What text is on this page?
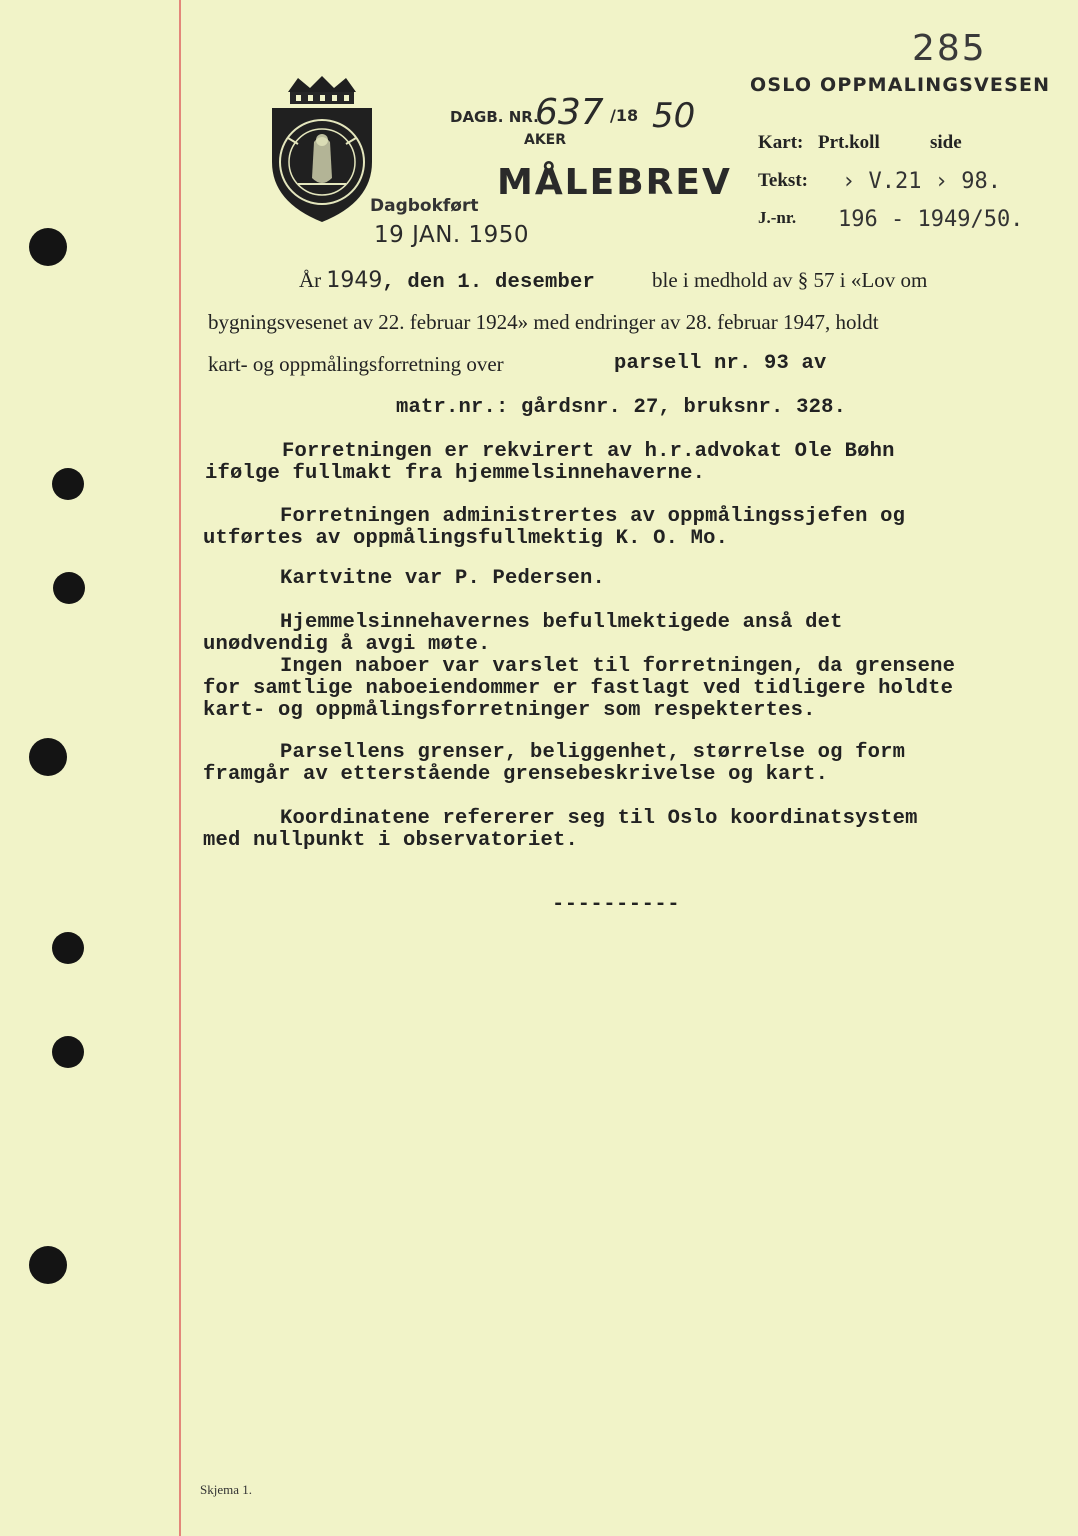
285
OSLO OPPMALINGSVESEN
DAGB. NR.
637 /18 50
AKER
MÅLEBREV
Dagbokført
19 JAN. 1950
Kart: Prt.koll	side
Tekst: › V.21 › 98.
J.-nr. 196 - 1949/50.
År 1949, den 1. desember	ble i medhold av § 57 i «Lov om
bygningsvesenet av 22. februar 1924» med endringer av 28. februar 1947, holdt
kart- og oppmålingsforretning over	parsell nr. 93 av
matr.nr.: gårdsnr. 27, bruksnr. 328.
Forretningen er rekvirert av h.r.advokat Ole Bøhn
ifølge fullmakt fra hjemmelsinnehaverne.
Forretningen administrertes av oppmålingssjefen og
utførtes av oppmålingsfullmektig K. O. Mo.
Kartvitne var P. Pedersen.
Hjemmelsinnehavernes befullmektigede anså det
unødvendig å avgi møte.
Ingen naboer var varslet til forretningen, da grensene
for samtlige naboeiendommer er fastlagt ved tidligere holdte
kart- og oppmålingsforretninger som respektertes.
Parsellens grenser, beliggenhet, størrelse og form
framgår av etterstående grensebeskrivelse og kart.
Koordinatene refererer seg til Oslo koordinatsystem
med nullpunkt i observatoriet.
----------
Skjema 1.
